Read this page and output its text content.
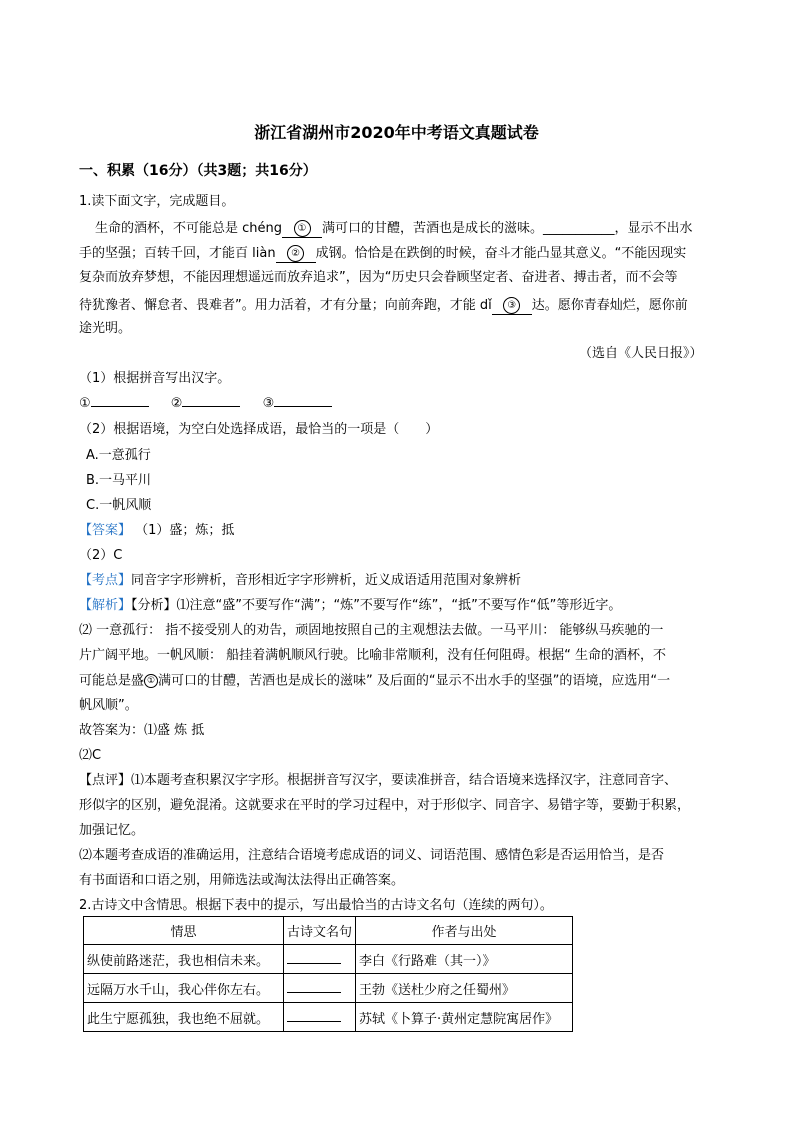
浙江省湖州市2020年中考语文真题试卷
一、积累（16分）（共3题；共16分）
1.读下面文字，完成题目。
生命的酒杯，不可能总是 chéng ① 满可口的甘醴，苦酒也是成长的滋味。___________，显示不出水
手的坚强；百转千回，才能百 liàn ② 成钢。恰恰是在跌倒的时候，奋斗才能凸显其意义。“不能因现实
复杂而放弃梦想，不能因理想遥远而放弃追求”，因为“历史只会眷顾坚定者、奋进者、搏击者，而不会等
待犹豫者、懈怠者、畏难者”。用力活着，才有分量；向前奔跑，才能 dǐ ③ 达。愿你青春灿烂，愿你前
途光明。
（选自《人民日报》）
（1）根据拼音写出汉字。
①	②	③
（2）根据语境，为空白处选择成语，最恰当的一项是（　　）
A.一意孤行
B.一马平川
C.一帆风顺
【答案】 （1）盛；炼；抵
（2）C
【考点】同音字字形辨析，音形相近字字形辨析，近义成语适用范围对象辨析
【解析】【分析】⑴注意“盛”不要写作“满”；“炼”不要写作“练”，“抵”不要写作“低”等形近字。
⑵ 一意孤行： 指不接受别人的劝告，顽固地按照自己的主观想法去做。一马平川： 能够纵马疾驰的一
片广阔平地。一帆风顺： 船挂着满帆顺风行驶。比喻非常顺利，没有任何阻碍。根据“ 生命的酒杯，不
可能总是盛 ① 满可口的甘醴，苦酒也是成长的滋味” 及后面的“显示不出水手的坚强”的语境，应选用“一
帆风顺”。
故答案为：⑴盛 炼 抵
⑵C
【点评】⑴本题考查积累汉字字形。根据拼音写汉字，要读准拼音，结合语境来选择汉字，注意同音字、
形似字的区别，避免混淆。这就要求在平时的学习过程中，对于形似字、同音字、易错字等，要勤于积累，
加强记忆。
⑵本题考查成语的准确运用，注意结合语境考虑成语的词义、词语范围、感情色彩是否运用恰当，是否
有书面语和口语之别，用筛选法或淘汰法得出正确答案。
2.古诗文中含情思。根据下表中的提示，写出最恰当的古诗文名句（连续的两句）。
情思	古诗文名句	作者与出处
纵使前路迷茫，我也相信未来。		李白《行路难（其一）》
远隔万水千山，我心伴你左右。		王勃《送杜少府之任蜀州》
此生宁愿孤独，我也绝不屈就。		苏轼《卜算子·黄州定慧院寓居作》
